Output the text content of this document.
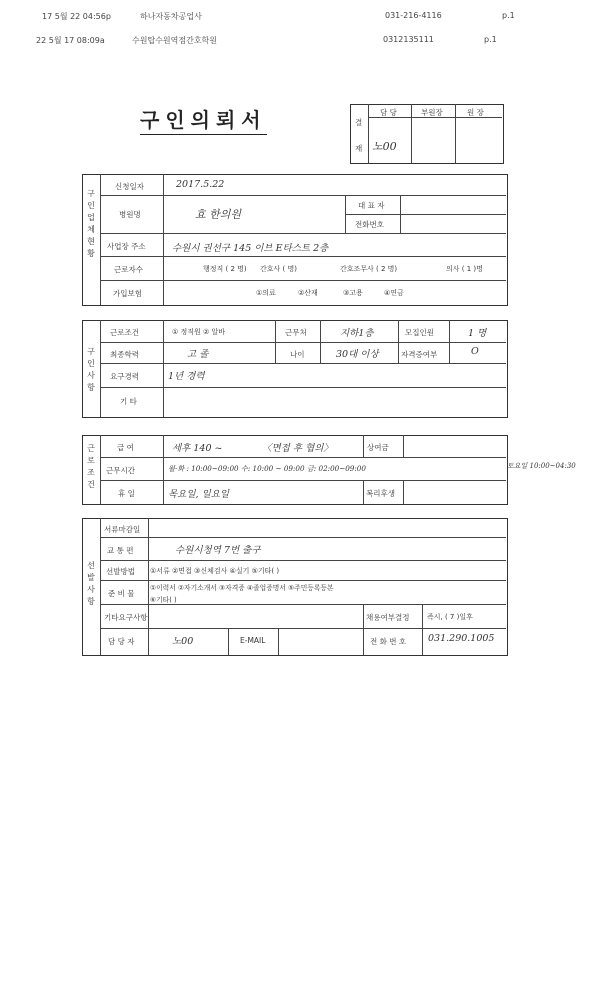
17 5월 22 04:56p	하나자동차공업사	031-216-4116	p.1
22 5월 17 08:09a	수원탑수원역점간호학원	0312135111	p.1
구인의뢰서	결
재
담 당	부원장	원 장
노00
구인업체현황
신청일자	2017.5.22
병원명	효 한의원
대 표 자
전화번호
사업장 주소	수원시 권선구 145 이브 E타스트 2층
근로자수	행정직 ( 2 명) 간호사 ( 명)	간호조무사 ( 2 명)	의사 ( 1 )명
가입보험	①의료	②산재	③고용	④연금
구인사항
근로조건	① 정직원 ② 알바	근무처	지하1층	모집인원	1 명
최종학력	고 졸	나이	30대 이상	자격증여부	O
요구경력	1년 경력
기 타
근로조건
급 여	세후 140 ~	〈면접 후 협의〉	상여금
근무시간	월·화 : 10:00~09:00 수: 10:00 ~ 09:00 금: 02:00~09:00	토요일 10:00~04:30
휴 일	목요일, 일요일	복리후생
선발사항
서류마감일
교 통 편	수원시청역 7번 출구
선발방법 ①서류 ②면접 ③신체검사 ④실기 ⑤기타( )
준 비 물
①이력서 ②자기소개서 ③자격증 ④졸업증명서 ⑤주민등록등본
⑥기타( )
기타요구사항	채용여부결정	즉시, ( 7 )일후
담 당 자	노00	E-MAIL	전 화 번 호 031.290.1005
